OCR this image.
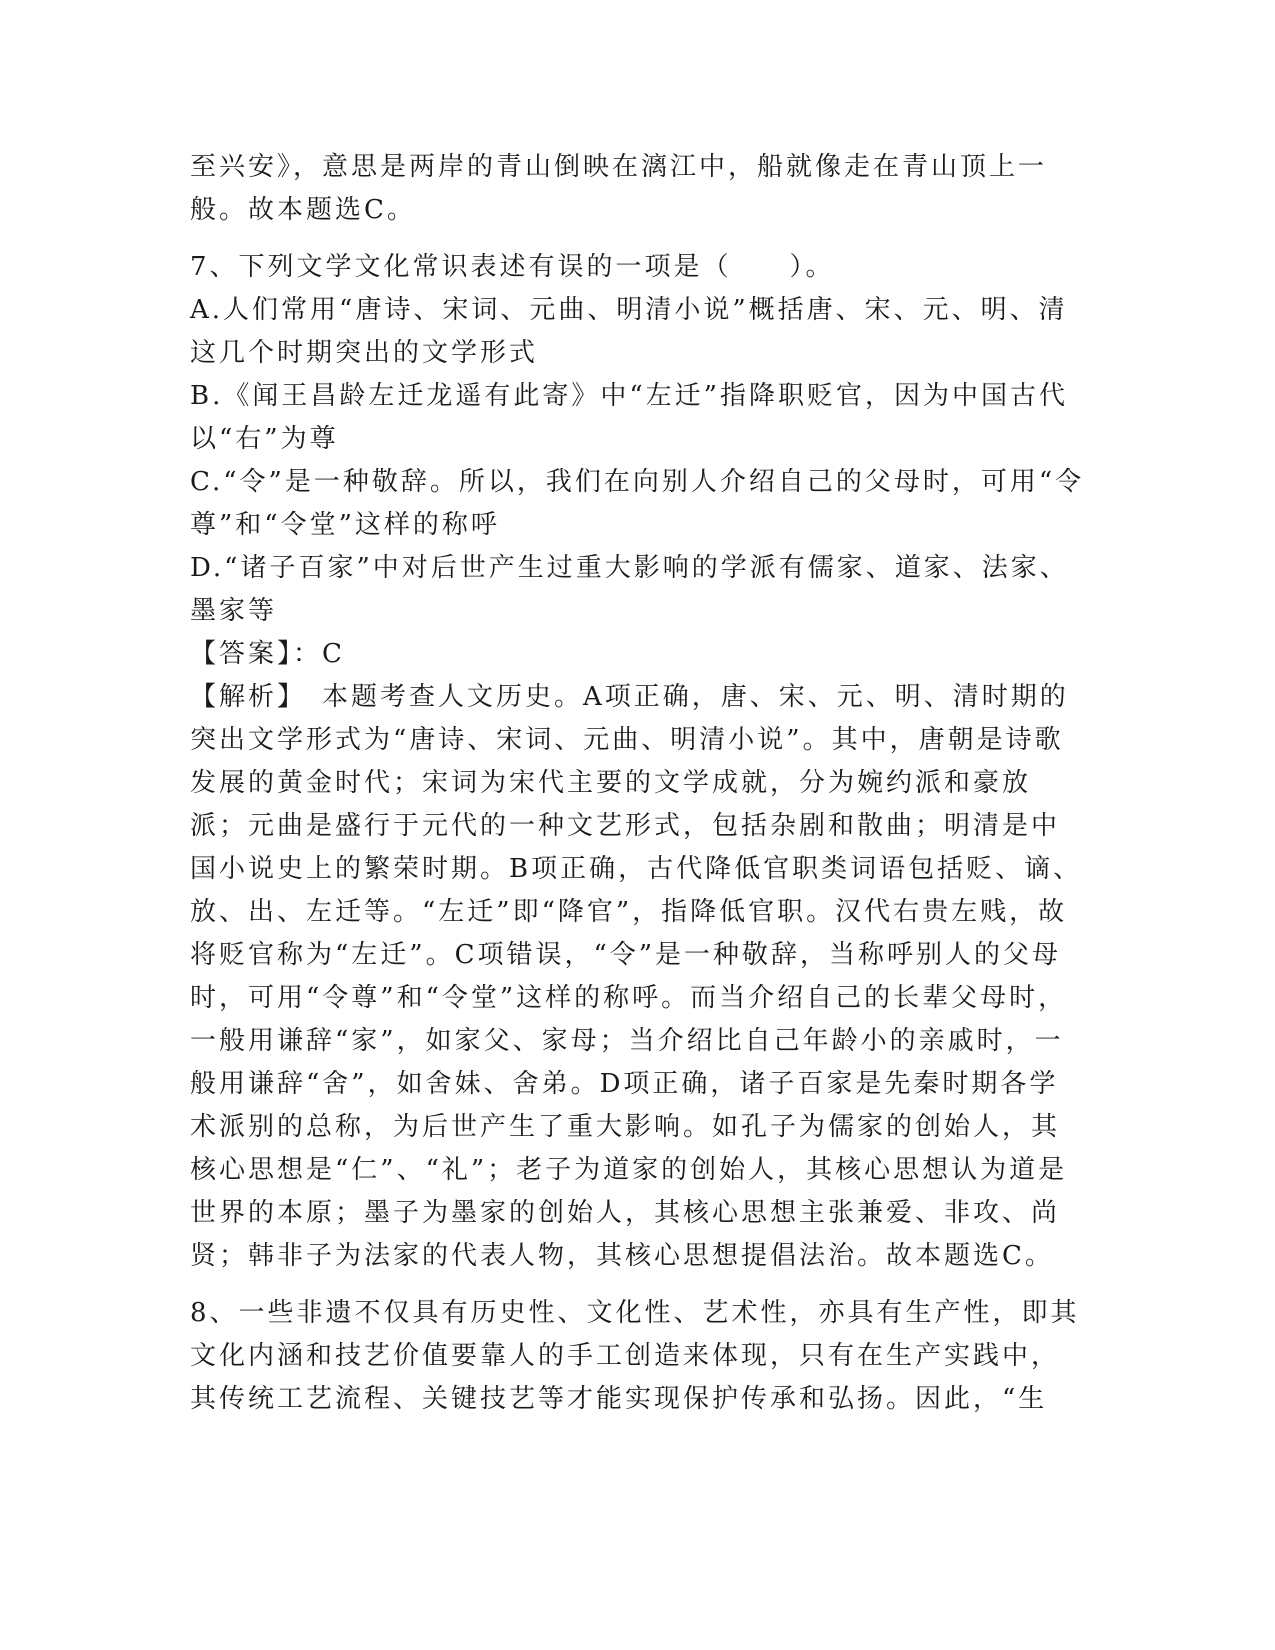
至兴安》，意思是两岸的青山倒映在漓江中，船就像走在青山顶上一般。故本题选C。

7、下列文学文化常识表述有误的一项是（　　）。

A.人们常用“唐诗、宋词、元曲、明清小说”概括唐、宋、元、明、清这几个时期突出的文学形式

B.《闻王昌龄左迁龙遥有此寄》中“左迁”指降职贬官，因为中国古代以“右”为尊

C.“令”是一种敬辞。所以，我们在向别人介绍自己的父母时，可用“令尊”和“令堂”这样的称呼

D.“诸子百家”中对后世产生过重大影响的学派有儒家、道家、法家、墨家等

【答案】：C

【解析】　本题考查人文历史。A项正确，唐、宋、元、明、清时期的突出文学形式为“唐诗、宋词、元曲、明清小说”。其中，唐朝是诗歌发展的黄金时代；宋词为宋代主要的文学成就，分为婉约派和豪放派；元曲是盛行于元代的一种文艺形式，包括杂剧和散曲；明清是中国小说史上的繁荣时期。B项正确，古代降低官职类词语包括贬、谪、放、出、左迁等。“左迁”即“降官”，指降低官职。汉代右贵左贱，故将贬官称为“左迁”。C项错误，“令”是一种敬辞，当称呼别人的父母时，可用“令尊”和“令堂”这样的称呼。而当介绍自己的长辈父母时，一般用谦辞“家”，如家父、家母；当介绍比自己年龄小的亲戚时，一般用谦辞“舍”，如舍妹、舍弟。D项正确，诸子百家是先秦时期各学术派别的总称，为后世产生了重大影响。如孔子为儒家的创始人，其核心思想是“仁”、“礼”；老子为道家的创始人，其核心思想认为道是世界的本原；墨子为墨家的创始人，其核心思想主张兼爱、非攻、尚贤；韩非子为法家的代表人物，其核心思想提倡法治。故本题选C。

8、一些非遗不仅具有历史性、文化性、艺术性，亦具有生产性，即其文化内涵和技艺价值要靠人的手工创造来体现，只有在生产实践中，其传统工艺流程、关键技艺等才能实现保护传承和弘扬。因此，“生
